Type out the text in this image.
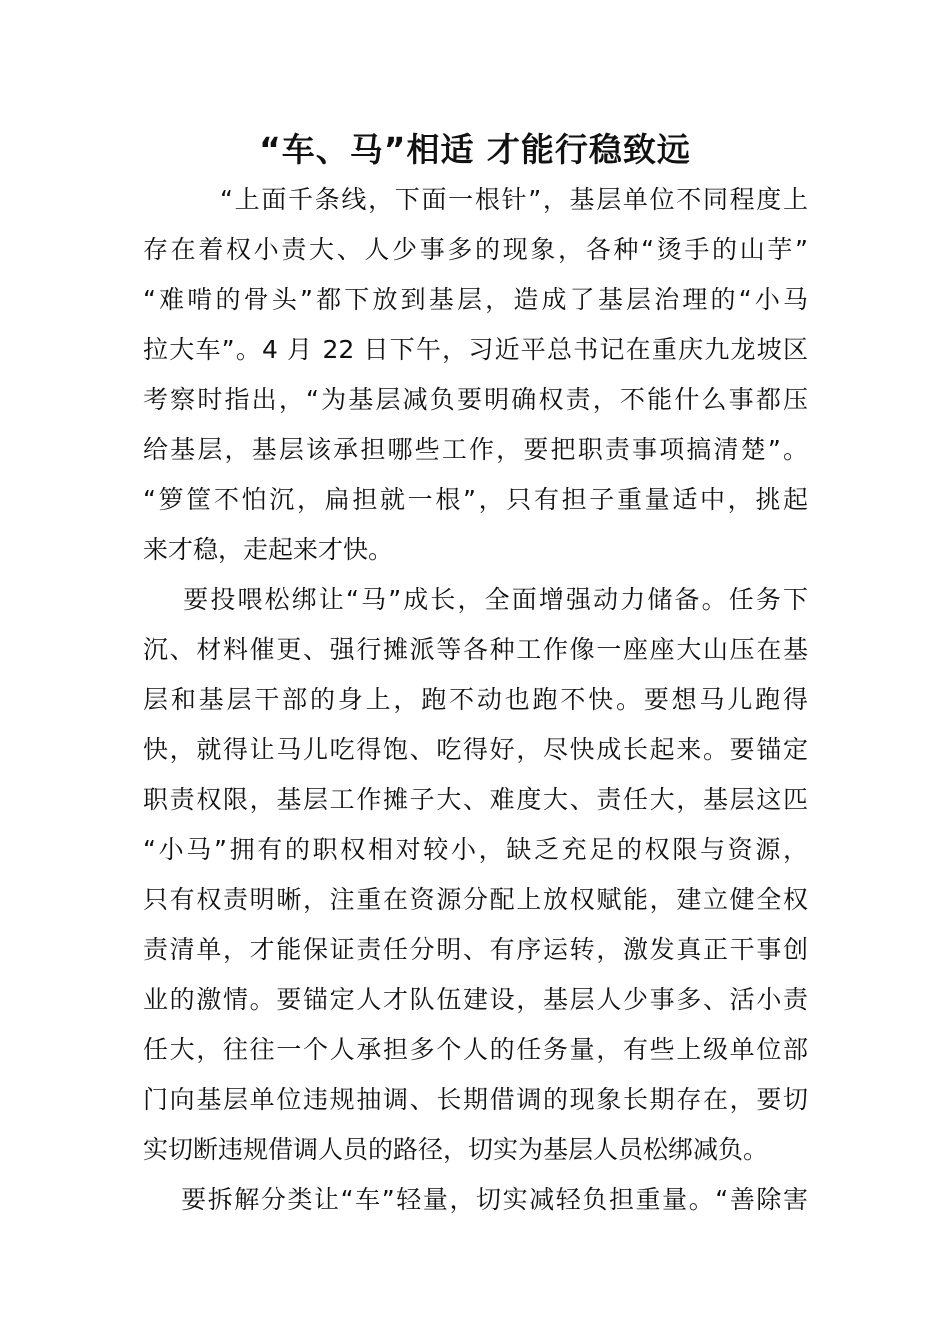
“车、马”相适 才能行稳致远
“上面千条线，下面一根针”，基层单位不同程度上
存在着权小责大、人少事多的现象，各种“烫手的山芋”
“难啃的骨头”都下放到基层，造成了基层治理的“小马
拉大车”。4 月 22 日下午，习近平总书记在重庆九龙坡区
考察时指出，“为基层减负要明确权责，不能什么事都压
给基层，基层该承担哪些工作，要把职责事项搞清楚”。
“箩筐不怕沉，扁担就一根”，只有担子重量适中，挑起
来才稳，走起来才快。
要投喂松绑让“马”成长，全面增强动力储备。任务下
沉、材料催更、强行摊派等各种工作像一座座大山压在基
层和基层干部的身上，跑不动也跑不快。要想马儿跑得
快，就得让马儿吃得饱、吃得好，尽快成长起来。要锚定
职责权限，基层工作摊子大、难度大、责任大，基层这匹
“小马”拥有的职权相对较小，缺乏充足的权限与资源，
只有权责明晰，注重在资源分配上放权赋能，建立健全权
责清单，才能保证责任分明、有序运转，激发真正干事创
业的激情。要锚定人才队伍建设，基层人少事多、活小责
任大，往往一个人承担多个人的任务量，有些上级单位部
门向基层单位违规抽调、长期借调的现象长期存在，要切
实切断违规借调人员的路径，切实为基层人员松绑减负。
要拆解分类让“车”轻量，切实减轻负担重量。“善除害
